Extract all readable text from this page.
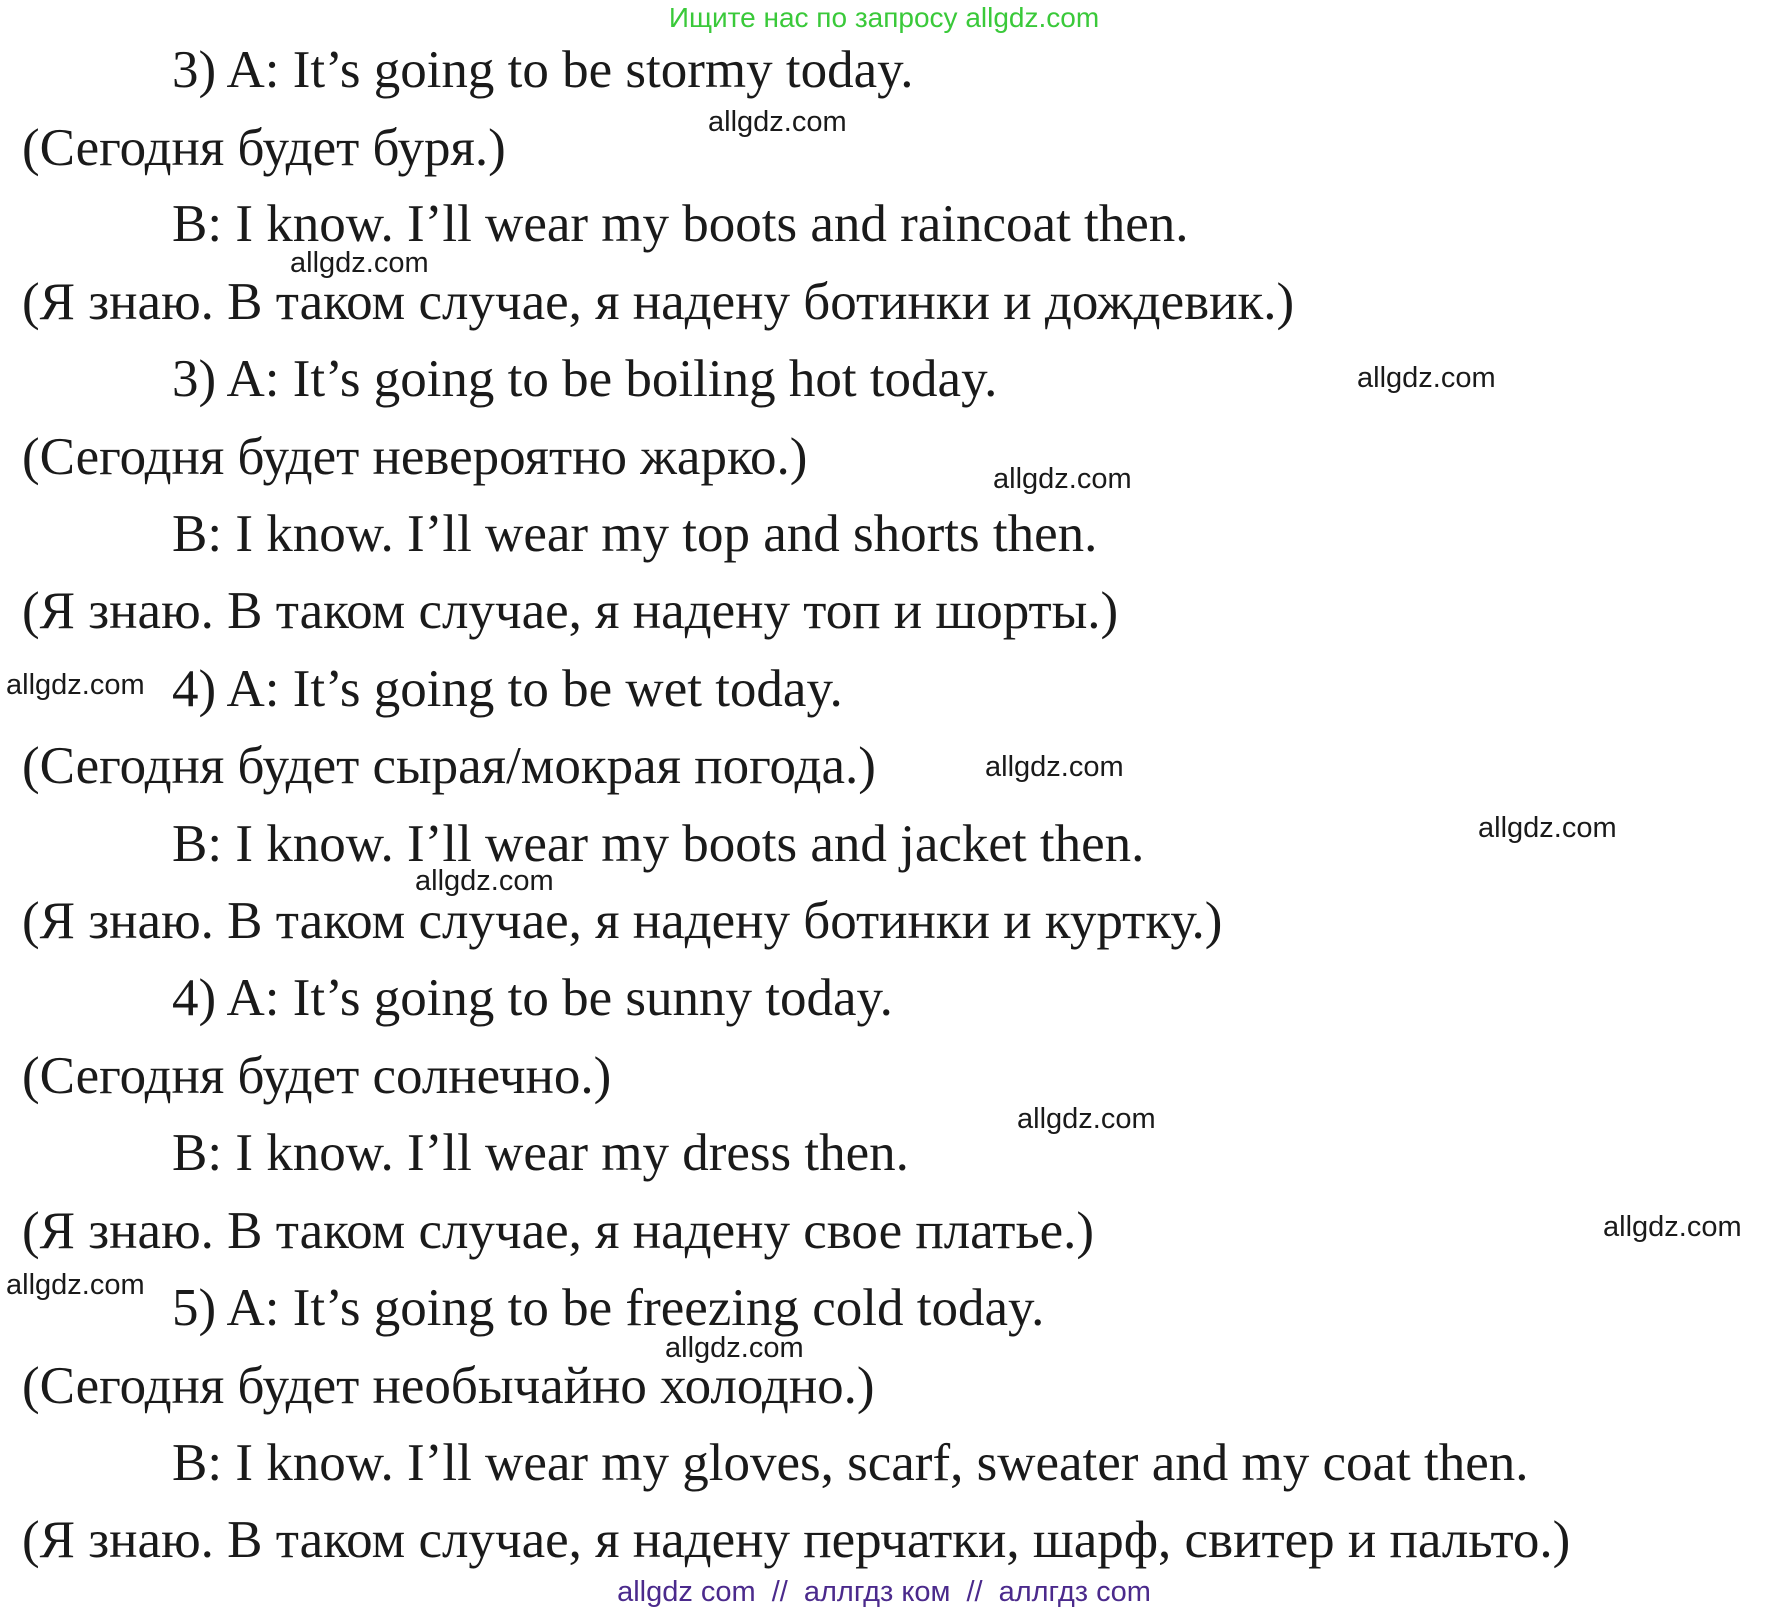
Ищите нас по запросу allgdz.com
3) A: It’s going to be stormy today.
(Сегодня будет буря.)
B: I know. I’ll wear my boots and raincoat then.
(Я знаю. В таком случае, я надену ботинки и дождевик.)
3) A: It’s going to be boiling hot today.
(Сегодня будет невероятно жарко.)
B: I know. I’ll wear my top and shorts then.
(Я знаю. В таком случае, я надену топ и шорты.)
4) A: It’s going to be wet today.
(Сегодня будет сырая/мокрая погода.)
B: I know. I’ll wear my boots and jacket then.
(Я знаю. В таком случае, я надену ботинки и куртку.)
4) A: It’s going to be sunny today.
(Сегодня будет солнечно.)
B: I know. I’ll wear my dress then.
(Я знаю. В таком случае, я надену свое платье.)
5) A: It’s going to be freezing cold today.
(Сегодня будет необычайно холодно.)
B: I know. I’ll wear my gloves, scarf, sweater and my coat then.
(Я знаю. В таком случае, я надену перчатки, шарф, свитер и пальто.)
allgdz.com
allgdz.com
allgdz.com
allgdz.com
allgdz.com
allgdz.com
allgdz.com
allgdz.com
allgdz.com
allgdz.com
allgdz.com
allgdz.com
allgdz com // аллгдз ком // аллгдз com
